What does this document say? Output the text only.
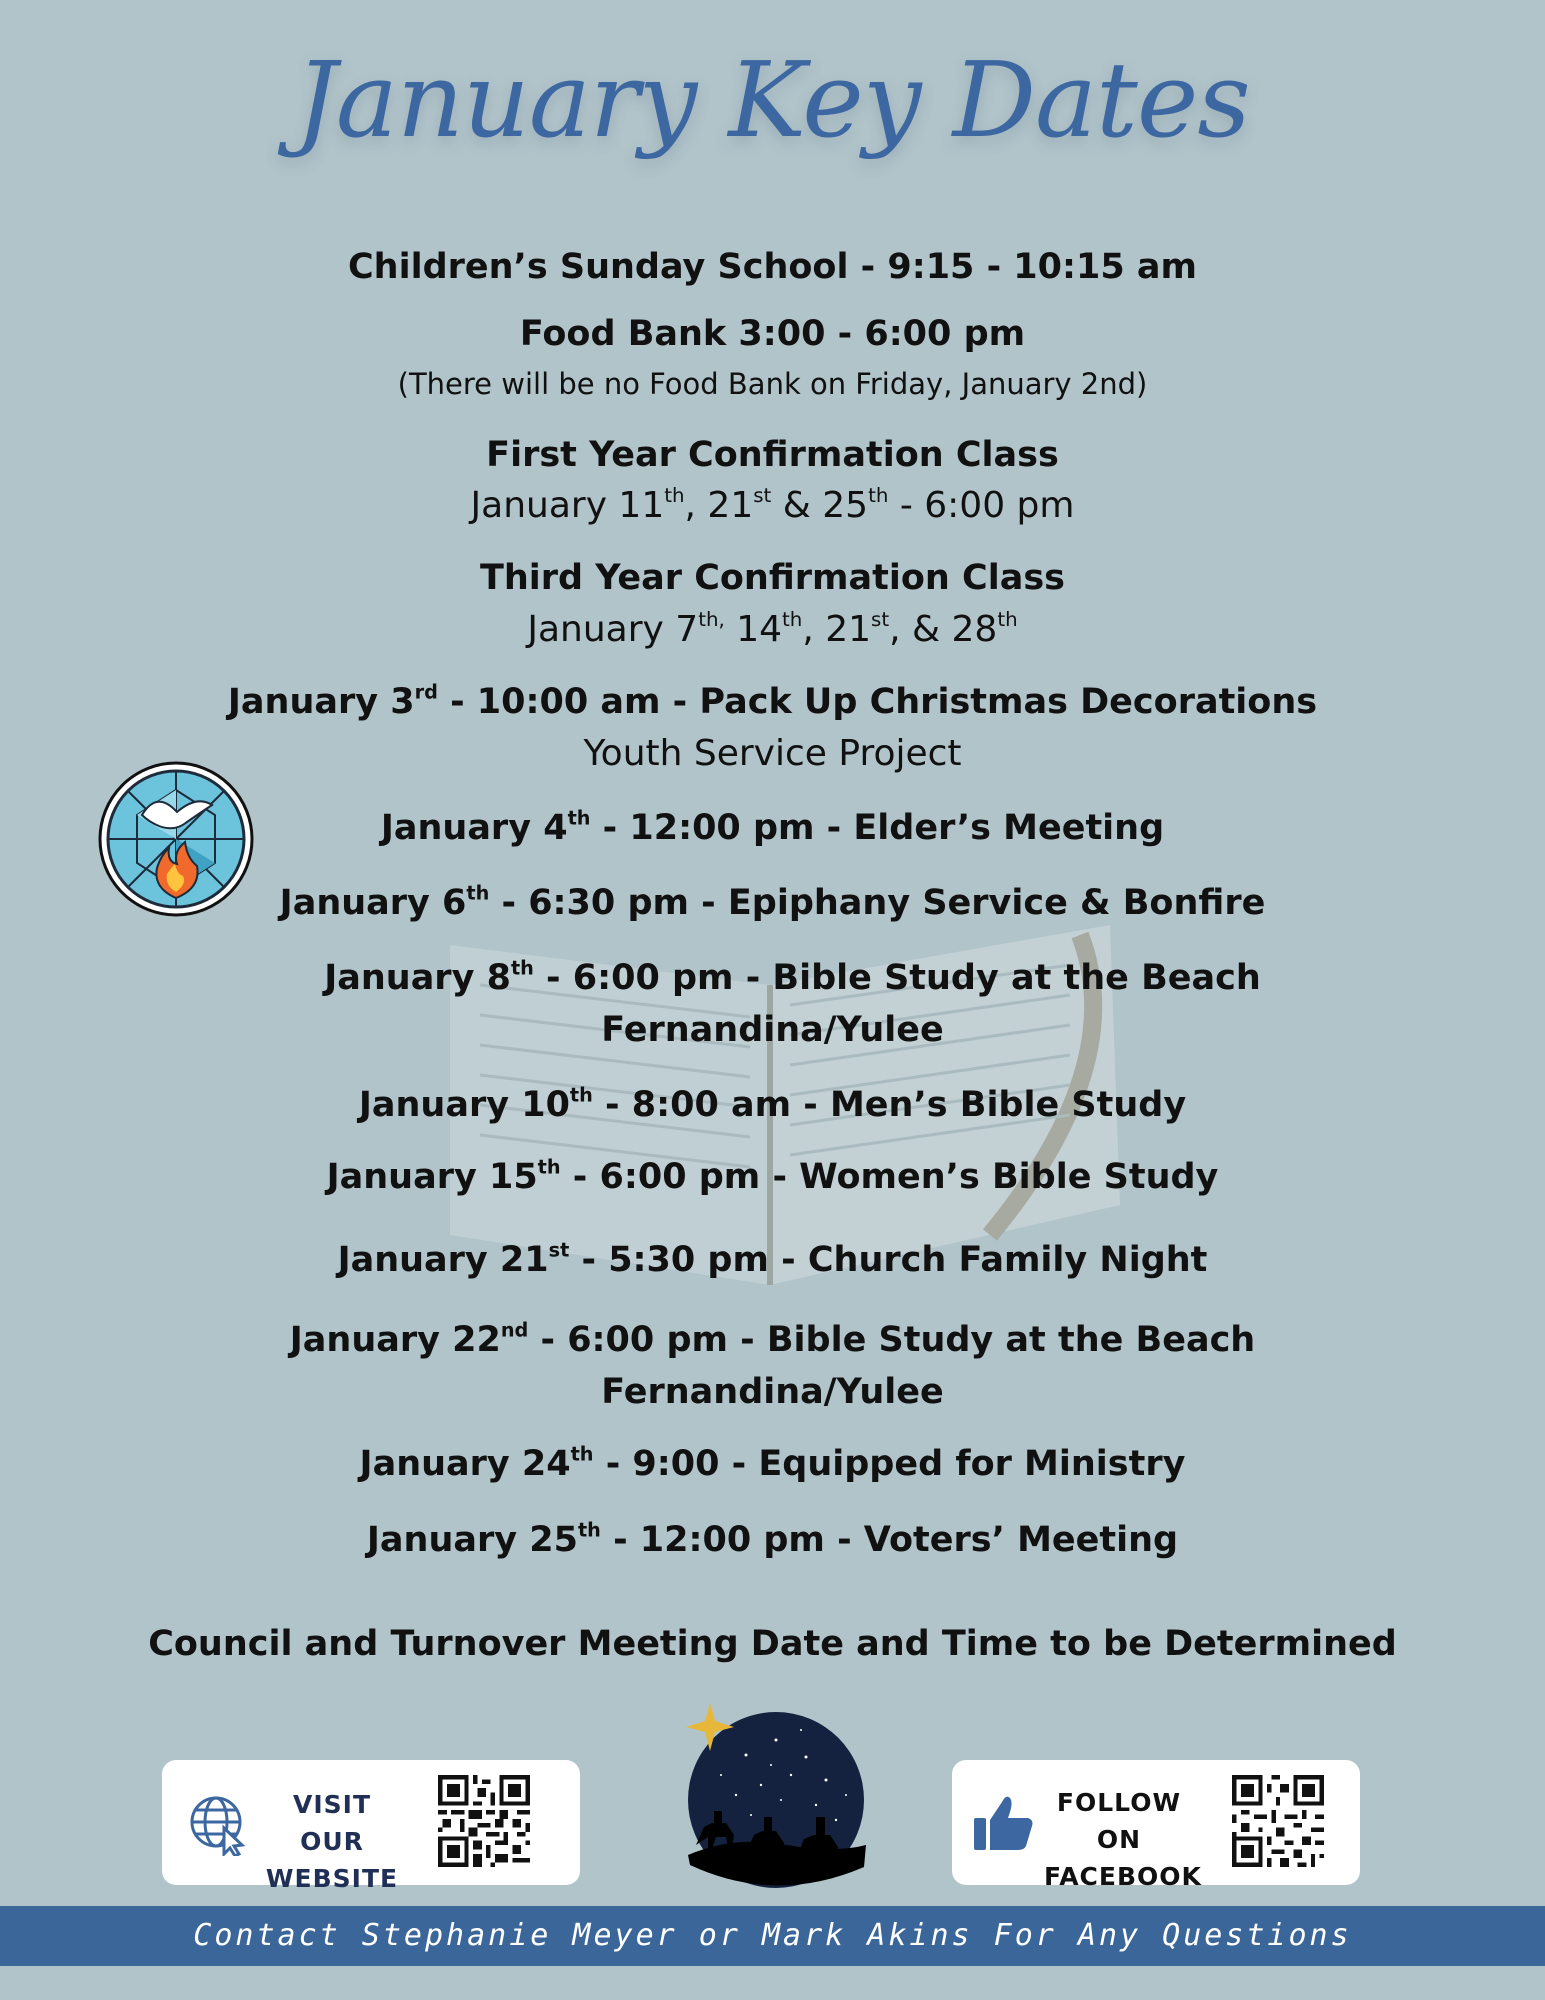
January Key Dates
Children’s Sunday School - 9:15 - 10:15 am
Food Bank 3:00 - 6:00 pm
(There will be no Food Bank on Friday, January 2nd)
First Year Confirmation Class
January 11th, 21st & 25th - 6:00 pm
Third Year Confirmation Class
January $7^{th,}$ 14th, 21st, & 28th
January 3rd - 10:00 am - Pack Up Christmas Decorations
Youth Service Project
January 4th - 12:00 pm - Elder’s Meeting
January 6th - 6:30 pm - Epiphany Service & Bonfire
January 8th - 6:00 pm - Bible Study at the Beach
Fernandina/Yulee
January 10th - 8:00 am - Men’s Bible Study
January 15th - 6:00 pm - Women’s Bible Study
January 21st - 5:30 pm - Church Family Night
January 22nd - 6:00 pm - Bible Study at the Beach
Fernandina/Yulee
January 24th - 9:00 - Equipped for Ministry
January 25th - 12:00 pm - Voters’ Meeting
Council and Turnover Meeting Date and Time to be Determined
VISIT OUR
WEBSITE
FOLLOW ON
FACEBOOK
Contact Stephanie Meyer or Mark Akins For Any Questions
